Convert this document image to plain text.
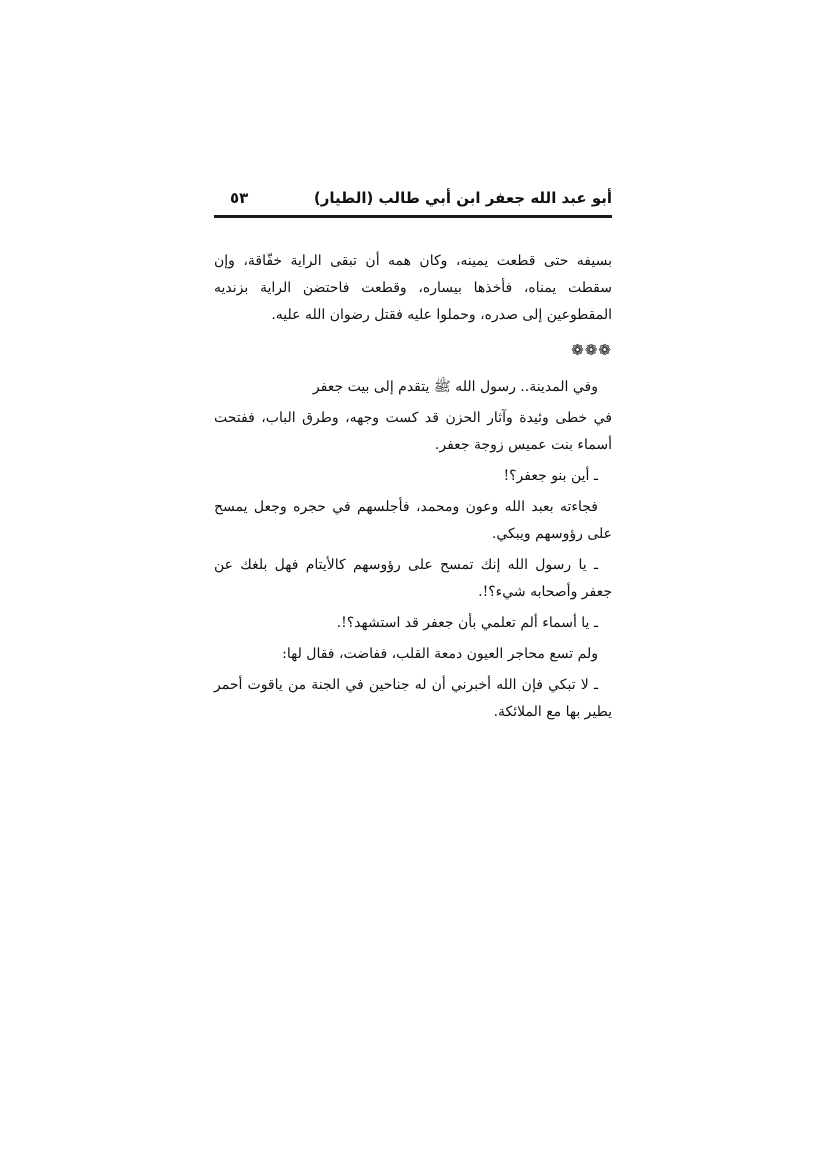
أبو عبد الله جعفر ابن أبي طالب (الطيار)
٥٣

بسيفه حتى قطعت يمينه، وكان همه أن تبقى الراية خفّاقة، وإن سقطت يمناه، فأخذها بيساره، وقطعت فاحتضن الراية بزنديه المقطوعين إلى صدره، وحملوا عليه فقتل رضوان الله عليه.

❁❁❁

وفي المدينة.. رسول الله ﷺ يتقدم إلى بيت جعفر

في خطى وئيدة وآثار الحزن قد كست وجهه، وطرق الباب، ففتحت أسماء بنت عميس زوجة جعفر.

ـ أين بنو جعفر؟!

فجاءته بعبد الله وعون ومحمد، فأجلسهم في حجره وجعل يمسح على رؤوسهم ويبكي.

ـ يا رسول الله إنك تمسح على رؤوسهم كالأيتام فهل بلغك عن جعفر وأصحابه شيء؟!.

ـ يا أسماء ألم تعلمي بأن جعفر قد استشهد؟!.

ولم تسع محاجر العيون دمعة القلب، ففاضت، فقال لها:

ـ لا تبكي فإن الله أخبرني أن له جناحين في الجنة من ياقوت أحمر يطير بها مع الملائكة.
